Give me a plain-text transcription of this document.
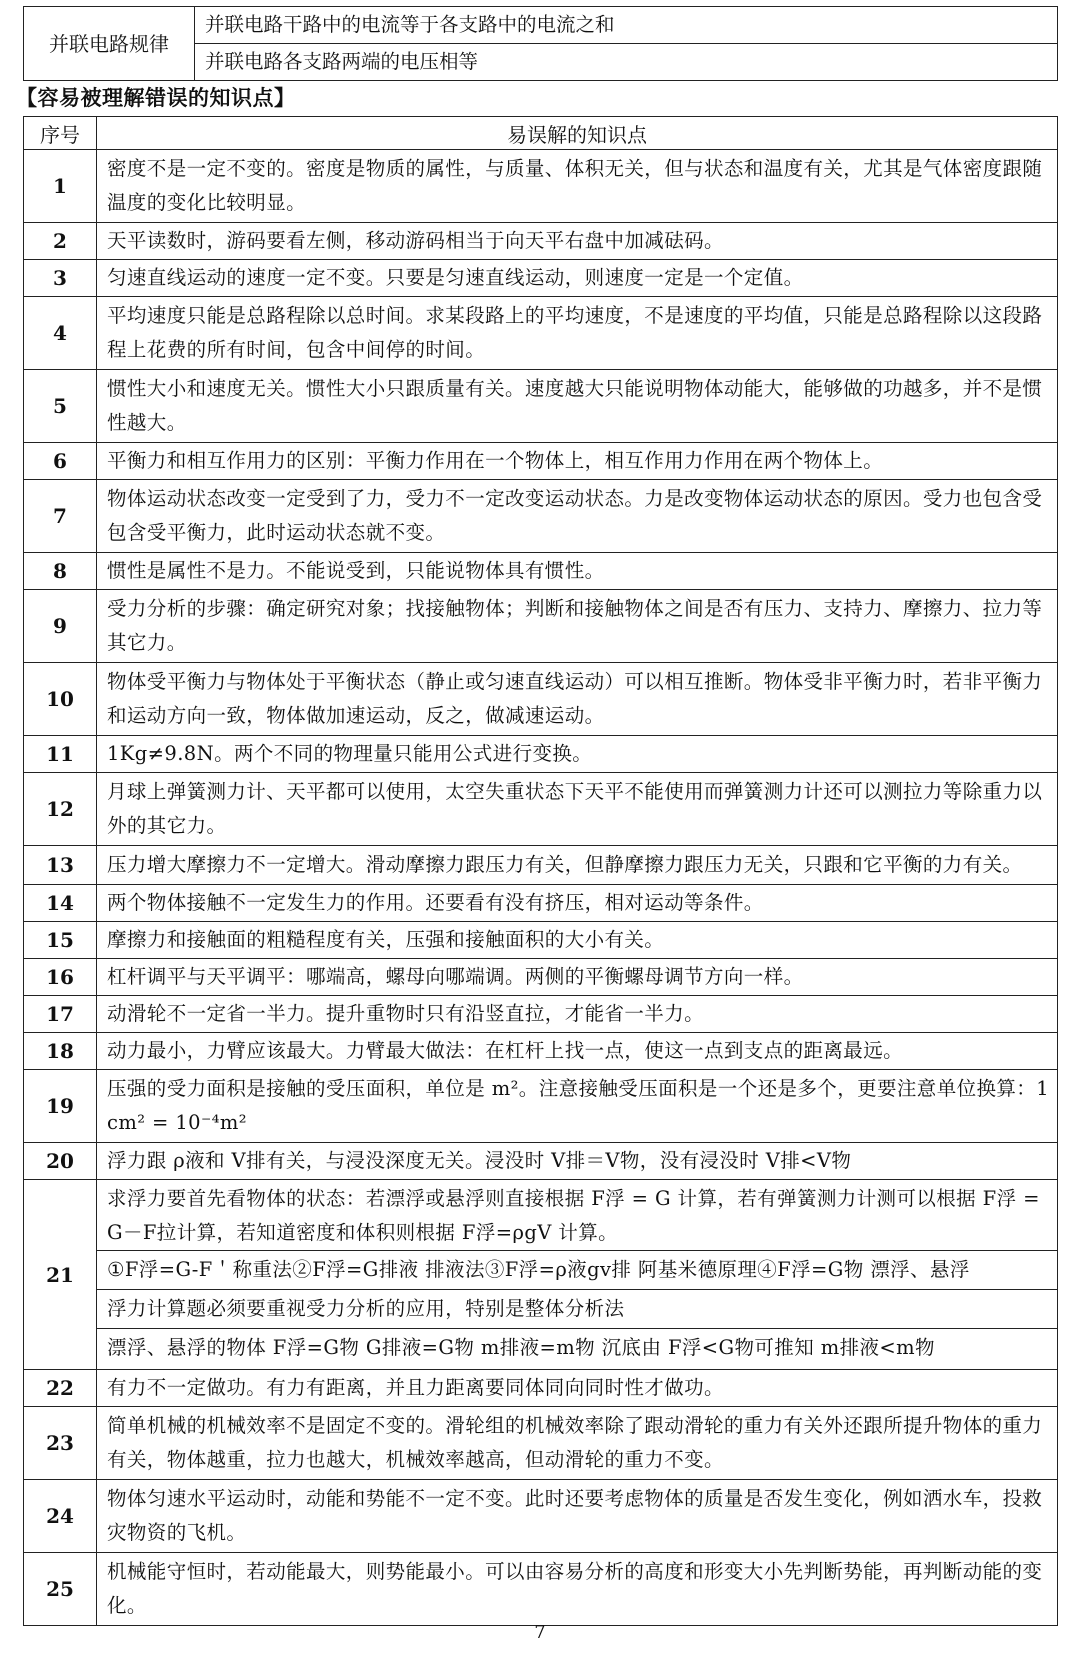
并联电路规律	并联电路干路中的电流等于各支路中的电流之和
并联电路各支路两端的电压相等
【容易被理解错误的知识点】
序号	易误解的知识点
1	密度不是一定不变的。密度是物质的属性，与质量、体积无关，但与状态和温度有关，尤其是气体密度跟随温度的变化比较明显。
2	天平读数时，游码要看左侧，移动游码相当于向天平右盘中加减砝码。
3	匀速直线运动的速度一定不变。只要是匀速直线运动，则速度一定是一个定值。
4	平均速度只能是总路程除以总时间。求某段路上的平均速度，不是速度的平均值，只能是总路程除以这段路程上花费的所有时间，包含中间停的时间。
5	惯性大小和速度无关。惯性大小只跟质量有关。速度越大只能说明物体动能大，能够做的功越多，并不是惯性越大。
6	平衡力和相互作用力的区别：平衡力作用在一个物体上，相互作用力作用在两个物体上。
7	物体运动状态改变一定受到了力，受力不一定改变运动状态。力是改变物体运动状态的原因。受力也包含受包含受平衡力，此时运动状态就不变。
8	惯性是属性不是力。不能说受到，只能说物体具有惯性。
9	受力分析的步骤：确定研究对象；找接触物体；判断和接触物体之间是否有压力、支持力、摩擦力、拉力等其它力。
10	物体受平衡力与物体处于平衡状态（静止或匀速直线运动）可以相互推断。物体受非平衡力时，若非平衡力和运动方向一致，物体做加速运动，反之，做减速运动。
11	1Kg≠9.8N。两个不同的物理量只能用公式进行变换。
12	月球上弹簧测力计、天平都可以使用，太空失重状态下天平不能使用而弹簧测力计还可以测拉力等除重力以外的其它力。
13	压力增大摩擦力不一定增大。滑动摩擦力跟压力有关，但静摩擦力跟压力无关，只跟和它平衡的力有关。
14	两个物体接触不一定发生力的作用。还要看有没有挤压，相对运动等条件。
15	摩擦力和接触面的粗糙程度有关，压强和接触面积的大小有关。
16	杠杆调平与天平调平：哪端高，螺母向哪端调。两侧的平衡螺母调节方向一样。
17	动滑轮不一定省一半力。提升重物时只有沿竖直拉，才能省一半力。
18	动力最小，力臂应该最大。力臂最大做法：在杠杆上找一点，使这一点到支点的距离最远。
19	压强的受力面积是接触的受压面积，单位是 m²。注意接触受压面积是一个还是多个，更要注意单位换算：1 cm² = 10⁻⁴m²
20	浮力跟 ρ液和 V排有关，与浸没深度无关。浸没时 V排＝V物，没有浸没时 V排<V物
21	求浮力要首先看物体的状态：若漂浮或悬浮则直接根据 F浮 = G 计算，若有弹簧测力计测可以根据 F浮 = G－F拉计算，若知道密度和体积则根据 F浮=ρgV 计算。
①F浮=G-F＇称重法②F浮=G排液 排液法③F浮=ρ液gv排 阿基米德原理④F浮=G物 漂浮、悬浮
浮力计算题必须要重视受力分析的应用，特别是整体分析法
漂浮、悬浮的物体 F浮=G物 G排液=G物 m排液=m物 沉底由 F浮<G物可推知 m排液<m物

22	有力不一定做功。有力有距离，并且力距离要同体同向同时性才做功。
23	简单机械的机械效率不是固定不变的。滑轮组的机械效率除了跟动滑轮的重力有关外还跟所提升物体的重力有关，物体越重，拉力也越大，机械效率越高，但动滑轮的重力不变。
24	物体匀速水平运动时，动能和势能不一定不变。此时还要考虑物体的质量是否发生变化，例如洒水车，投救灾物资的飞机。
25	机械能守恒时，若动能最大，则势能最小。可以由容易分析的高度和形变大小先判断势能，再判断动能的变化。
7
